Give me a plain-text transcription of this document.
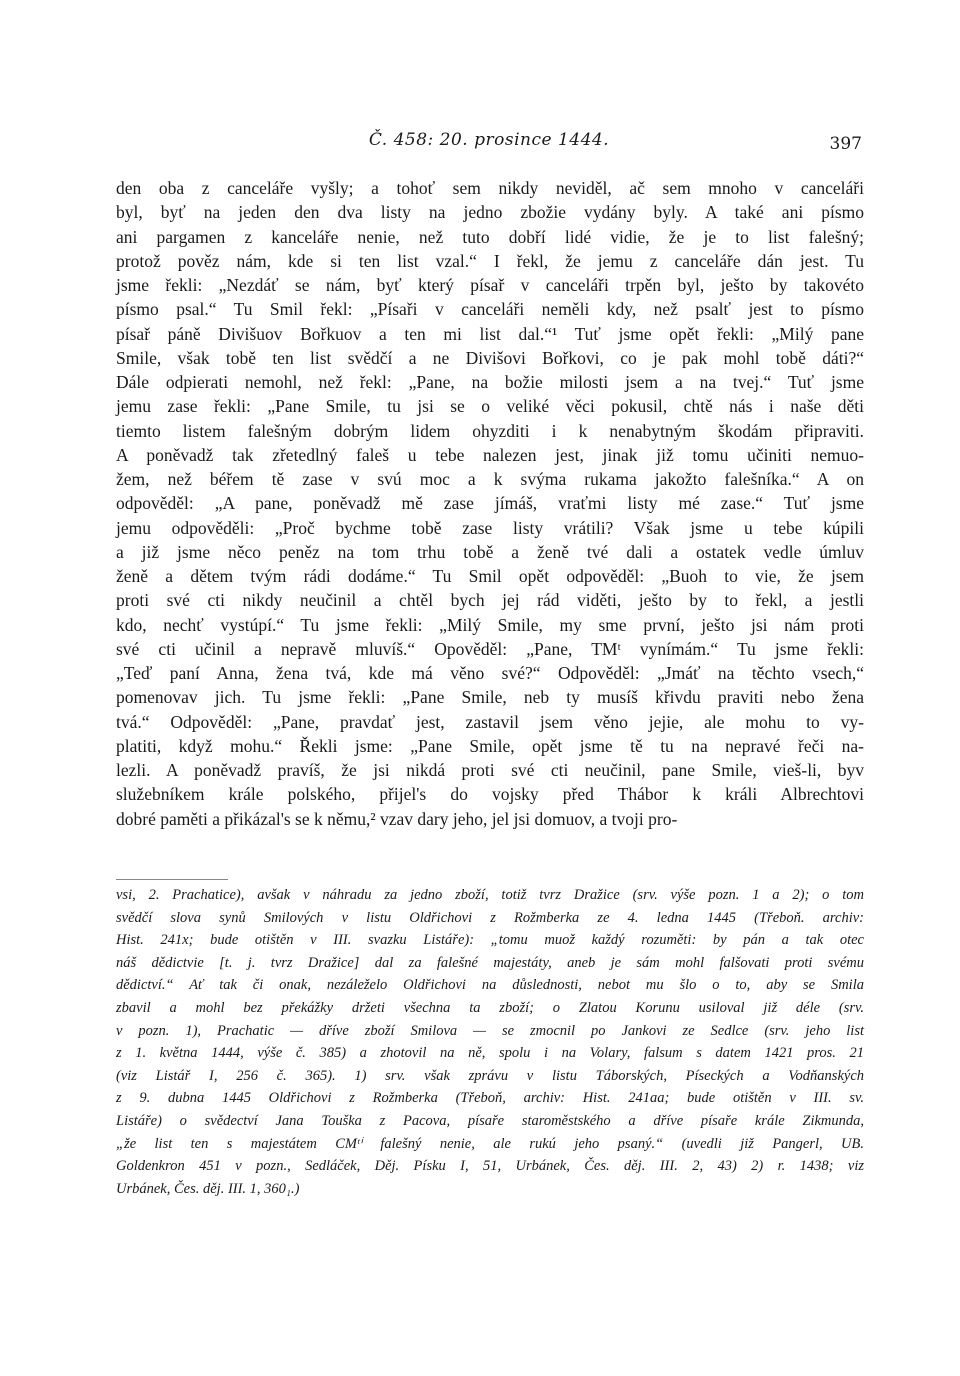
Č. 458: 20. prosince 1444.	397
den oba z canceláře vyšly; a tohoť sem nikdy neviděl, ač sem mnoho v canceláři
byl, byť na jeden den dva listy na jedno zbožie vydány byly. A také ani písmo
ani pargamen z kanceláře nenie, než tuto dobří lidé vidie, že je to list falešný;
protož pověz nám, kde si ten list vzal.“ I řekl, že jemu z canceláře dán jest. Tu
jsme řekli: „Nezdáť se nám, byť který písař v canceláři trpěn byl, ješto by takovéto
písmo psal.“ Tu Smil řekl: „Písaři v canceláři neměli kdy, než psalť jest to písmo
písař páně Divišuov Bořkuov a ten mi list dal.“¹ Tuť jsme opět řekli: „Milý pane
Smile, však tobě ten list svědčí a ne Divišovi Bořkovi, co je pak mohl tobě dáti?“
Dále odpierati nemohl, než řekl: „Pane, na božie milosti jsem a na tvej.“ Tuť jsme
jemu zase řekli: „Pane Smile, tu jsi se o veliké věci pokusil, chtě nás i naše děti
tiemto listem falešným dobrým lidem ohyzditi i k nenabytným škodám připraviti.
A poněvadž tak zřetedlný faleš u tebe nalezen jest, jinak již tomu učiniti nemuo-
žem, než béřem tě zase v svú moc a k svýma rukama jakožto falešníka.“ A on
odpověděl: „A pane, poněvadž mě zase jímáš, vraťmi listy mé zase.“ Tuť jsme
jemu odpověděli: „Proč bychme tobě zase listy vrátili? Však jsme u tebe kúpili
a již jsme něco peněz na tom trhu tobě a ženě tvé dali a ostatek vedle úmluv
ženě a dětem tvým rádi dodáme.“ Tu Smil opět odpověděl: „Buoh to vie, že jsem
proti své cti nikdy neučinil a chtěl bych jej rád viděti, ješto by to řekl, a jestli
kdo, nechť vystúpí.“ Tu jsme řekli: „Milý Smile, my sme první, ješto jsi nám proti
své cti učinil a nepravě mluvíš.“ Opověděl: „Pane, TMᵗ vynímám.“ Tu jsme řekli:
„Teď paní Anna, žena tvá, kde má věno své?“ Odpověděl: „Jmáť na těchto vsech,“
pomenovav jich. Tu jsme řekli: „Pane Smile, neb ty musíš křivdu praviti nebo žena
tvá.“ Odpověděl: „Pane, pravdať jest, zastavil jsem věno jejie, ale mohu to vy-
platiti, když mohu.“ Řekli jsme: „Pane Smile, opět jsme tě tu na nepravé řeči na-
lezli. A poněvadž pravíš, že jsi nikdá proti své cti neučinil, pane Smile, vieš-li, byv
služebníkem krále polského, přijel's do vojsky před Thábor k králi Albrechtovi
dobré paměti a přikázal's se k němu,² vzav dary jeho, jel jsi domuov, a tvoji pro-
vsi, 2. Prachatice), avšak v náhradu za jedno zboží, totiž tvrz Dražice (srv. výše pozn. 1 a 2); o tom
svědčí slova synů Smilových v listu Oldřichovi z Rožmberka ze 4. ledna 1445 (Třeboň. archiv:
Hist. 241x; bude otištěn v III. svazku Listáře): „tomu muož každý rozuměti: by pán a tak otec
náš dědictvie [t. j. tvrz Dražice] dal za falešné majestáty, aneb je sám mohl falšovati proti svému
dědictví.“ Ať tak či onak, nezáleželo Oldřichovi na důslednosti, nebot mu šlo o to, aby se Smila
zbavil a mohl bez překážky držeti všechna ta zboží; o Zlatou Korunu usiloval již déle (srv.
v pozn. 1), Prachatic — dříve zboží Smilova — se zmocnil po Jankovi ze Sedlce (srv. jeho list
z 1. května 1444, výše č. 385) a zhotovil na ně, spolu i na Volary, falsum s datem 1421 pros. 21
(viz Listář I, 256 č. 365). 1) srv. však zprávu v listu Táborských, Píseckých a Vodňanských
z 9. dubna 1445 Oldřichovi z Rožmberka (Třeboň, archiv: Hist. 241aa; bude otištěn v III. sv.
Listáře) o svědectví Jana Touška z Pacova, písaře staroměstského a dříve písaře krále Zikmunda,
„že list ten s majestátem CMᵗⁱ falešný nenie, ale rukú jeho psaný.“ (uvedli již Pangerl, UB.
Goldenkron 451 v pozn., Sedláček, Děj. Písku I, 51, Urbánek, Čes. děj. III. 2, 43) 2) r. 1438; viz
Urbánek, Čes. děj. III. 1, 360₁.)
